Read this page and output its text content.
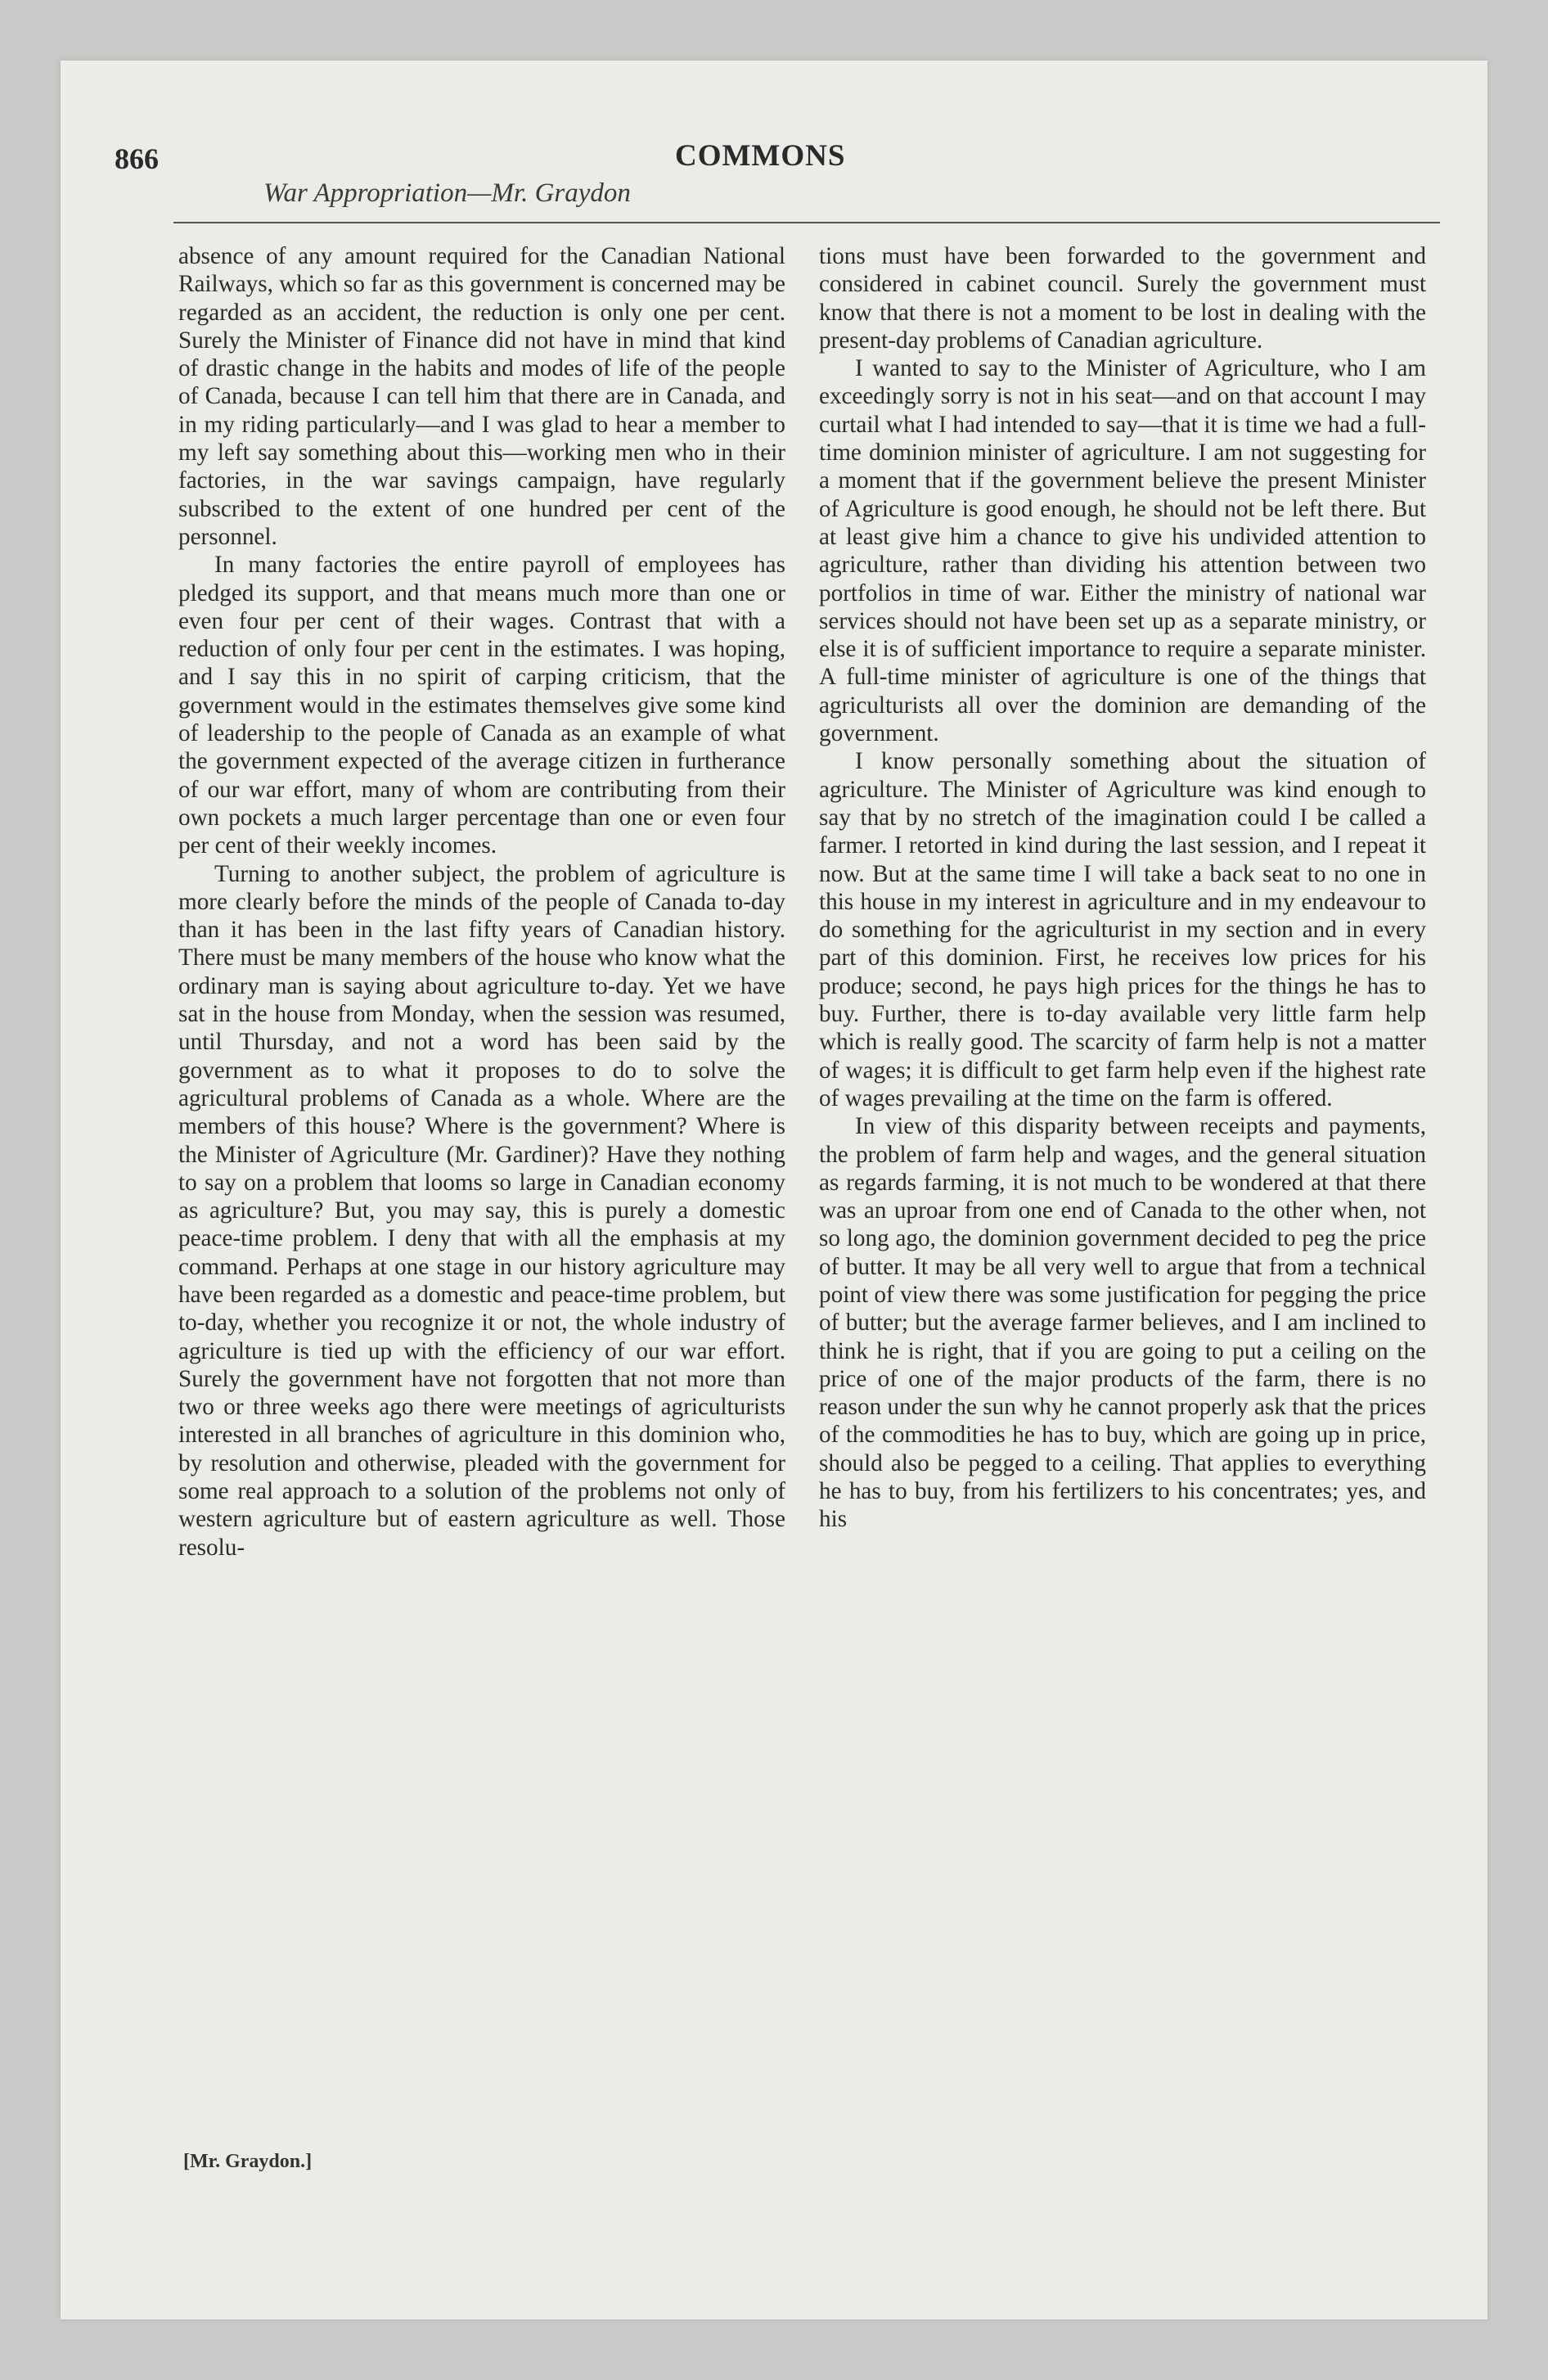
866	COMMONS
War Appropriation—Mr. Graydon

absence of any amount required for the Canadian National Railways, which so far as this government is concerned may be regarded as an accident, the reduction is only one per cent. Surely the Minister of Finance did not have in mind that kind of drastic change in the habits and modes of life of the people of Canada, because I can tell him that there are in Canada, and in my riding particularly—and I was glad to hear a member to my left say something about this—working men who in their factories, in the war savings campaign, have regularly subscribed to the extent of one hundred per cent of the personnel.

In many factories the entire payroll of employees has pledged its support, and that means much more than one or even four per cent of their wages. Contrast that with a reduction of only four per cent in the estimates. I was hoping, and I say this in no spirit of carping criticism, that the government would in the estimates themselves give some kind of leadership to the people of Canada as an example of what the government expected of the average citizen in furtherance of our war effort, many of whom are contributing from their own pockets a much larger percentage than one or even four per cent of their weekly incomes.

Turning to another subject, the problem of agriculture is more clearly before the minds of the people of Canada to-day than it has been in the last fifty years of Canadian history. There must be many members of the house who know what the ordinary man is saying about agriculture to-day. Yet we have sat in the house from Monday, when the session was resumed, until Thursday, and not a word has been said by the government as to what it proposes to do to solve the agricultural problems of Canada as a whole. Where are the members of this house? Where is the government? Where is the Minister of Agriculture (Mr. Gardiner)? Have they nothing to say on a problem that looms so large in Canadian economy as agriculture? But, you may say, this is purely a domestic peace-time problem. I deny that with all the emphasis at my command. Perhaps at one stage in our history agriculture may have been regarded as a domestic and peace-time problem, but to-day, whether you recognize it or not, the whole industry of agriculture is tied up with the efficiency of our war effort. Surely the government have not forgotten that not more than two or three weeks ago there were meetings of agriculturists interested in all branches of agriculture in this dominion who, by resolution and otherwise, pleaded with the government for some real approach to a solution of the problems not only of western agriculture but of eastern agriculture as well. Those resolu-

tions must have been forwarded to the government and considered in cabinet council. Surely the government must know that there is not a moment to be lost in dealing with the present-day problems of Canadian agriculture.

I wanted to say to the Minister of Agriculture, who I am exceedingly sorry is not in his seat—and on that account I may curtail what I had intended to say—that it is time we had a full-time dominion minister of agriculture. I am not suggesting for a moment that if the government believe the present Minister of Agriculture is good enough, he should not be left there. But at least give him a chance to give his undivided attention to agriculture, rather than dividing his attention between two portfolios in time of war. Either the ministry of national war services should not have been set up as a separate ministry, or else it is of sufficient importance to require a separate minister. A full-time minister of agriculture is one of the things that agriculturists all over the dominion are demanding of the government.

I know personally something about the situation of agriculture. The Minister of Agriculture was kind enough to say that by no stretch of the imagination could I be called a farmer. I retorted in kind during the last session, and I repeat it now. But at the same time I will take a back seat to no one in this house in my interest in agriculture and in my endeavour to do something for the agriculturist in my section and in every part of this dominion. First, he receives low prices for his produce; second, he pays high prices for the things he has to buy. Further, there is to-day available very little farm help which is really good. The scarcity of farm help is not a matter of wages; it is difficult to get farm help even if the highest rate of wages prevailing at the time on the farm is offered.

In view of this disparity between receipts and payments, the problem of farm help and wages, and the general situation as regards farming, it is not much to be wondered at that there was an uproar from one end of Canada to the other when, not so long ago, the dominion government decided to peg the price of butter. It may be all very well to argue that from a technical point of view there was some justification for pegging the price of butter; but the average farmer believes, and I am inclined to think he is right, that if you are going to put a ceiling on the price of one of the major products of the farm, there is no reason under the sun why he cannot properly ask that the prices of the commodities he has to buy, which are going up in price, should also be pegged to a ceiling. That applies to everything he has to buy, from his fertilizers to his concentrates; yes, and his

[Mr. Graydon.]
